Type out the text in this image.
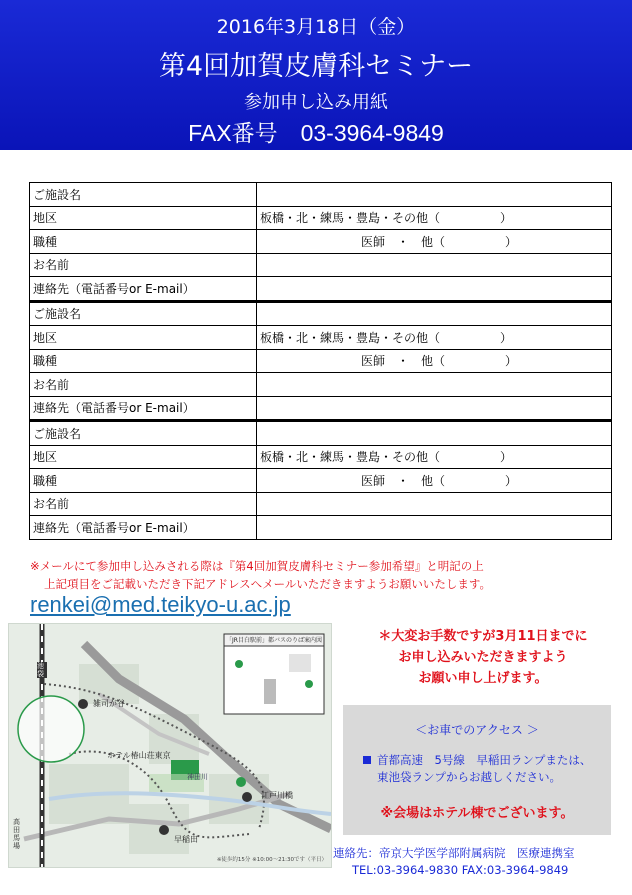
2016年3月18日（金）
第4回加賀皮膚科セミナー
参加申し込み用紙
FAX番号　03-3964-9849
ご施設名	
地区	板橋・北・練馬・豊島・その他（　　　　　）
職種	医師　・　他（　　　　　）
お名前	
連絡先（電話番号or E-mail）	
ご施設名	
地区	板橋・北・練馬・豊島・その他（　　　　　）
職種	医師　・　他（　　　　　）
お名前	
連絡先（電話番号or E-mail）	
ご施設名	
地区	板橋・北・練馬・豊島・その他（　　　　　）
職種	医師　・　他（　　　　　）
お名前	
連絡先（電話番号or E-mail）	
※メールにて参加申し込みされる際は『第4回加賀皮膚科セミナー参加希望』と明記の上
上記項目をご記載いただき下記アドレスへメールいただきますようお願いいたします。
renkei@med.teikyo-u.ac.jp
ホテル椿山荘東京
雑司が谷
早稲田
江戸川橋
神田川
高田馬場
池袋
「JR目白駅前」都バスのりば案内図
※徒歩約15分 ※10:00〜21:30です（平日）
＊大変お手数ですが3月11日までに
お申し込みいただきますよう
お願い申し上げます。
＜お車でのアクセス ＞
首都高速　5号線　早稲田ランプまたは、
東池袋ランプからお越しください。
※会場はホテル棟でございます。
連絡先：帝京大学医学部附属病院　医療連携室
TEL:03-3964-9830 FAX:03-3964-9849
